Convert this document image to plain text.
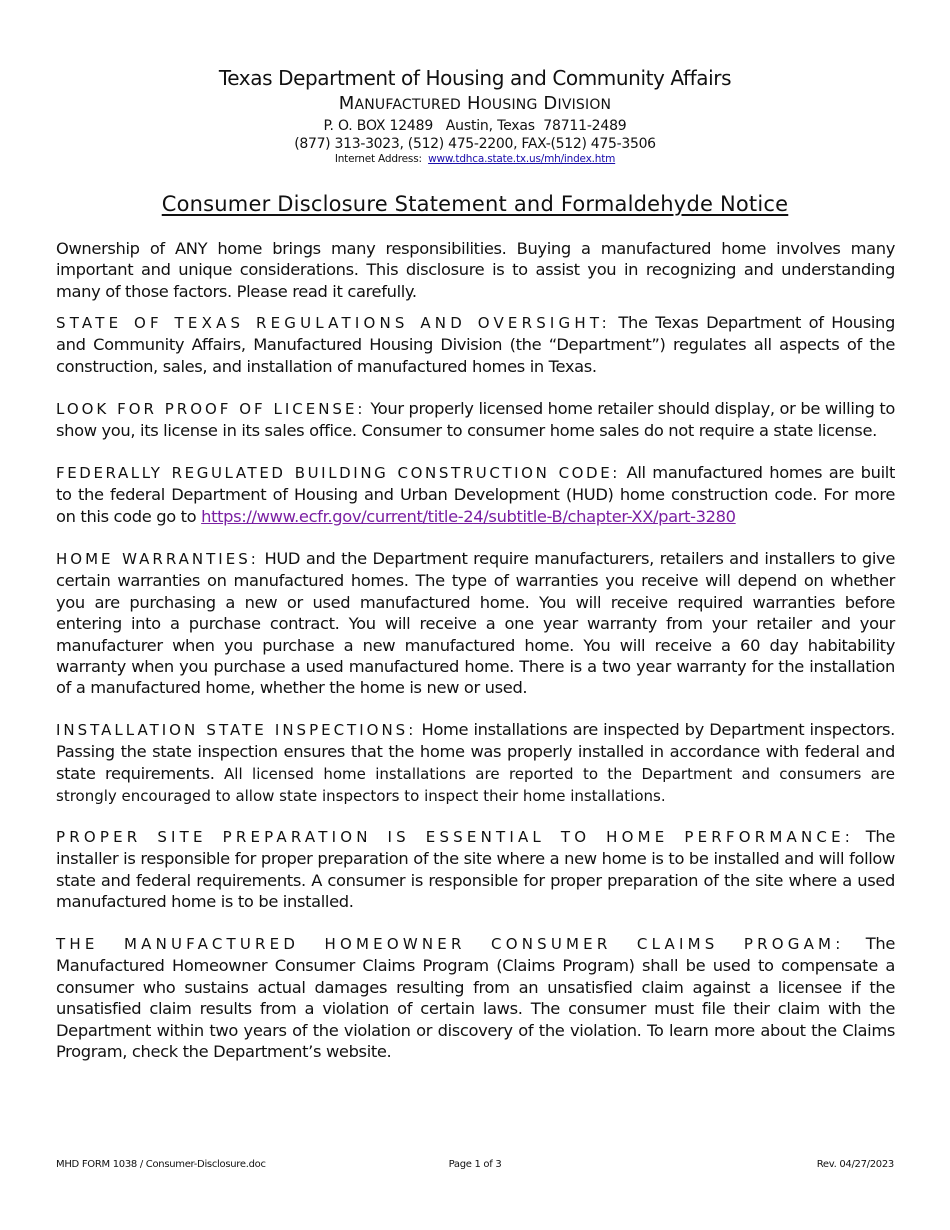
Texas Department of Housing and Community Affairs
MANUFACTURED HOUSING DIVISION
P. O. BOX 12489   Austin, Texas  78711-2489
(877) 313-3023, (512) 475-2200, FAX-(512) 475-3506
Internet Address: www.tdhca.state.tx.us/mh/index.htm
Consumer Disclosure Statement and Formaldehyde Notice

Ownership of ANY home brings many responsibilities. Buying a manufactured home involves many important and unique considerations. This disclosure is to assist you in recognizing and understanding many of those factors. Please read it carefully.

STATE OF TEXAS REGULATIONS AND OVERSIGHT: The Texas Department of Housing and Community Affairs, Manufactured Housing Division (the “Department”) regulates all aspects of the construction, sales, and installation of manufactured homes in Texas.

LOOK FOR PROOF OF LICENSE: Your properly licensed home retailer should display, or be willing to show you, its license in its sales office. Consumer to consumer home sales do not require a state license.

FEDERALLY REGULATED BUILDING CONSTRUCTION CODE: All manufactured homes are built to the federal Department of Housing and Urban Development (HUD) home construction code. For more on this code go to https://www.ecfr.gov/current/title-24/subtitle-B/chapter-XX/part-3280

HOME WARRANTIES: HUD and the Department require manufacturers, retailers and installers to give certain warranties on manufactured homes. The type of warranties you receive will depend on whether you are purchasing a new or used manufactured home. You will receive required warranties before entering into a purchase contract. You will receive a one year warranty from your retailer and your manufacturer when you purchase a new manufactured home. You will receive a 60 day habitability warranty when you purchase a used manufactured home. There is a two year warranty for the installation of a manufactured home, whether the home is new or used.

INSTALLATION STATE INSPECTIONS: Home installations are inspected by Department inspectors. Passing the state inspection ensures that the home was properly installed in accordance with federal and state requirements. All licensed home installations are reported to the Department and consumers are strongly encouraged to allow state inspectors to inspect their home installations.

PROPER SITE PREPARATION IS ESSENTIAL TO HOME PERFORMANCE: The installer is responsible for proper preparation of the site where a new home is to be installed and will follow state and federal requirements. A consumer is responsible for proper preparation of the site where a used manufactured home is to be installed.

THE MANUFACTURED HOMEOWNER CONSUMER CLAIMS PROGAM: The Manufactured Homeowner Consumer Claims Program (Claims Program) shall be used to compensate a consumer who sustains actual damages resulting from an unsatisfied claim against a licensee if the unsatisfied claim results from a violation of certain laws. The consumer must file their claim with the Department within two years of the violation or discovery of the violation. To learn more about the Claims Program, check the Department’s website.

MHD FORM 1038 / Consumer-Disclosure.doc	Page 1 of 3	Rev. 04/27/2023
